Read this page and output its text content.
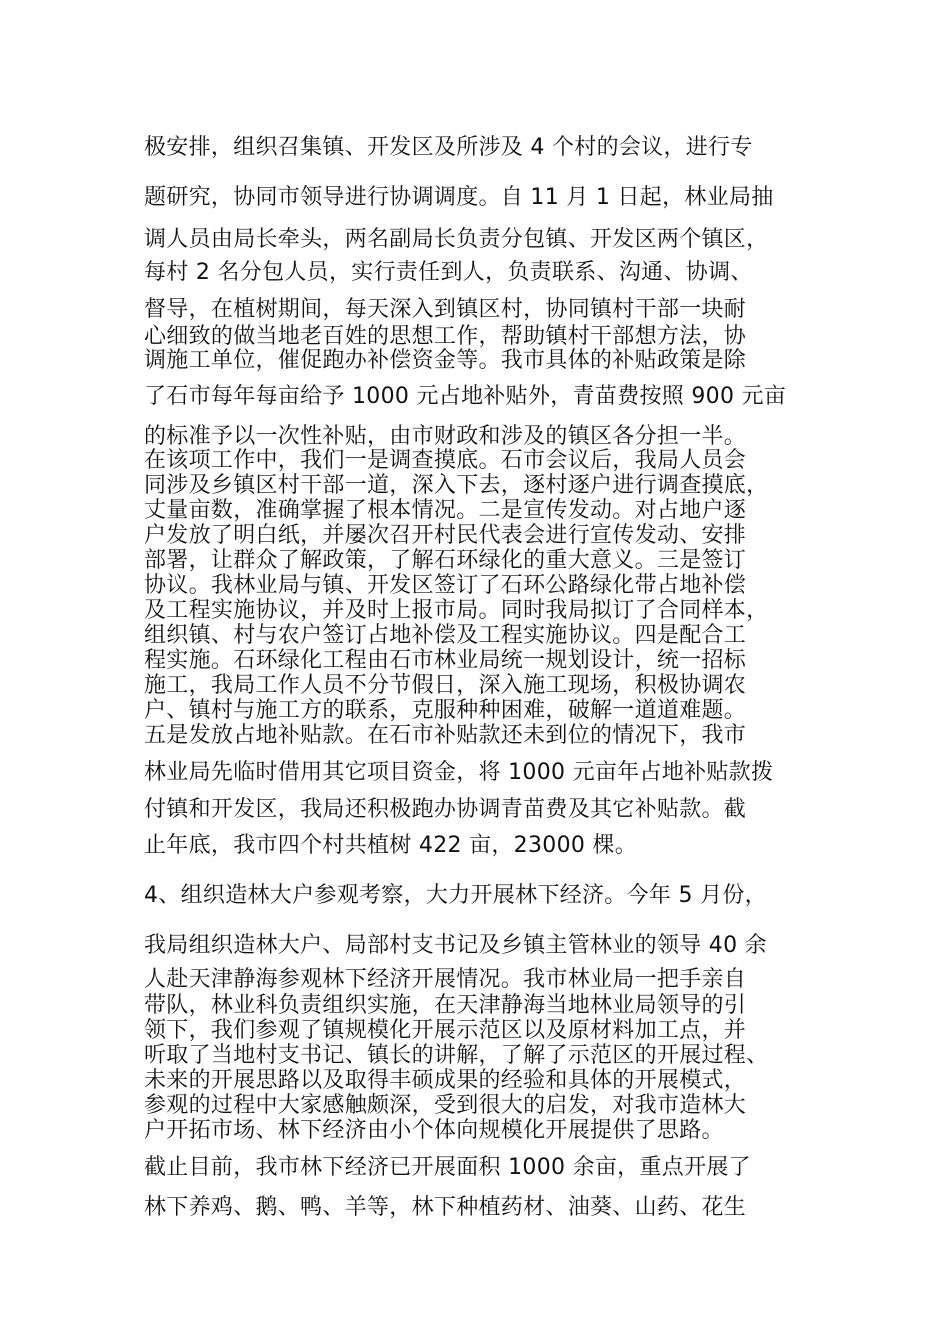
极安排，组织召集镇、开发区及所涉及 4 个村的会议，进行专
题研究，协同市领导进行协调调度。自 11 月 1 日起，林业局抽
调人员由局长牵头，两名副局长负责分包镇、开发区两个镇区，
每村 2 名分包人员，实行责任到人，负责联系、沟通、协调、
督导，在植树期间，每天深入到镇区村，协同镇村干部一块耐
心细致的做当地老百姓的思想工作，帮助镇村干部想方法，协
调施工单位，催促跑办补偿资金等。我市具体的补贴政策是除
了石市每年每亩给予 1000 元占地补贴外，青苗费按照 900 元亩
的标准予以一次性补贴，由市财政和涉及的镇区各分担一半。
在该项工作中，我们一是调查摸底。石市会议后，我局人员会
同涉及乡镇区村干部一道，深入下去，逐村逐户进行调查摸底，
丈量亩数，准确掌握了根本情况。二是宣传发动。对占地户逐
户发放了明白纸，并屡次召开村民代表会进行宣传发动、安排
部署，让群众了解政策，了解石环绿化的重大意义。三是签订
协议。我林业局与镇、开发区签订了石环公路绿化带占地补偿
及工程实施协议，并及时上报市局。同时我局拟订了合同样本，
组织镇、村与农户签订占地补偿及工程实施协议。四是配合工
程实施。石环绿化工程由石市林业局统一规划设计，统一招标
施工，我局工作人员不分节假日，深入施工现场，积极协调农
户、镇村与施工方的联系，克服种种困难，破解一道道难题。
五是发放占地补贴款。在石市补贴款还未到位的情况下，我市
林业局先临时借用其它项目资金，将 1000 元亩年占地补贴款拨
付镇和开发区，我局还积极跑办协调青苗费及其它补贴款。截
止年底，我市四个村共植树 422 亩，23000 棵。
4、组织造林大户参观考察，大力开展林下经济。今年 5 月份，
我局组织造林大户、局部村支书记及乡镇主管林业的领导 40 余
人赴天津静海参观林下经济开展情况。我市林业局一把手亲自
带队，林业科负责组织实施，在天津静海当地林业局领导的引
领下，我们参观了镇规模化开展示范区以及原材料加工点，并
听取了当地村支书记、镇长的讲解，了解了示范区的开展过程、
未来的开展思路以及取得丰硕成果的经验和具体的开展模式，
参观的过程中大家感触颇深，受到很大的启发，对我市造林大
户开拓市场、林下经济由小个体向规模化开展提供了思路。
截止目前，我市林下经济已开展面积 1000 余亩，重点开展了
林下养鸡、鹅、鸭、羊等，林下种植药材、油葵、山药、花生
